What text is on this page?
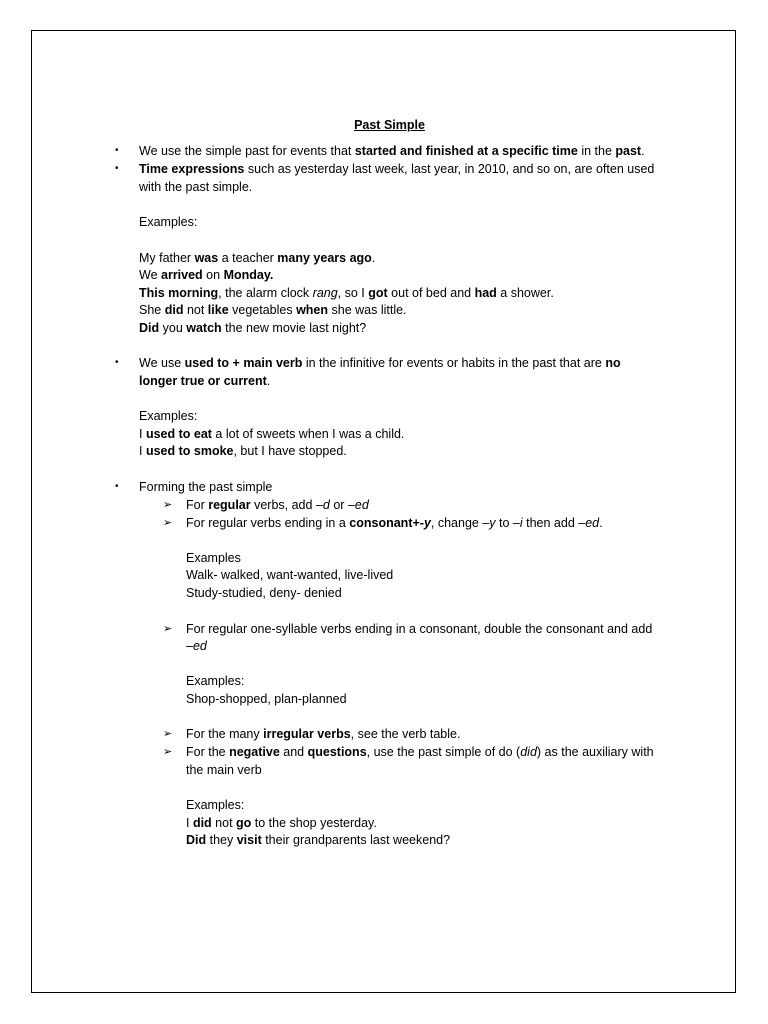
Past Simple
• We use the simple past for events that started and finished at a specific time in the past.
• Time expressions such as yesterday last week, last year, in 2010, and so on, are often used
with the past simple.
Examples:
My father was a teacher many years ago.
We arrived on Monday.
This morning, the alarm clock rang, so I got out of bed and had a shower.
She did not like vegetables when she was little.
Did you watch the new movie last night?
• We use used to + main verb in the infinitive for events or habits in the past that are no
longer true or current.
Examples:
I used to eat a lot of sweets when I was a child.
I used to smoke, but I have stopped.
• Forming the past simple
➢ For regular verbs, add –d or –ed
➢ For regular verbs ending in a consonant+-y, change –y to –i then add –ed.
Examples
Walk- walked, want-wanted, live-lived
Study-studied, deny- denied
➢ For regular one-syllable verbs ending in a consonant, double the consonant and add
–ed
Examples:
Shop-shopped, plan-planned
➢ For the many irregular verbs, see the verb table.
➢ For the negative and questions, use the past simple of do (did) as the auxiliary with
the main verb
Examples:
I did not go to the shop yesterday.
Did they visit their grandparents last weekend?
